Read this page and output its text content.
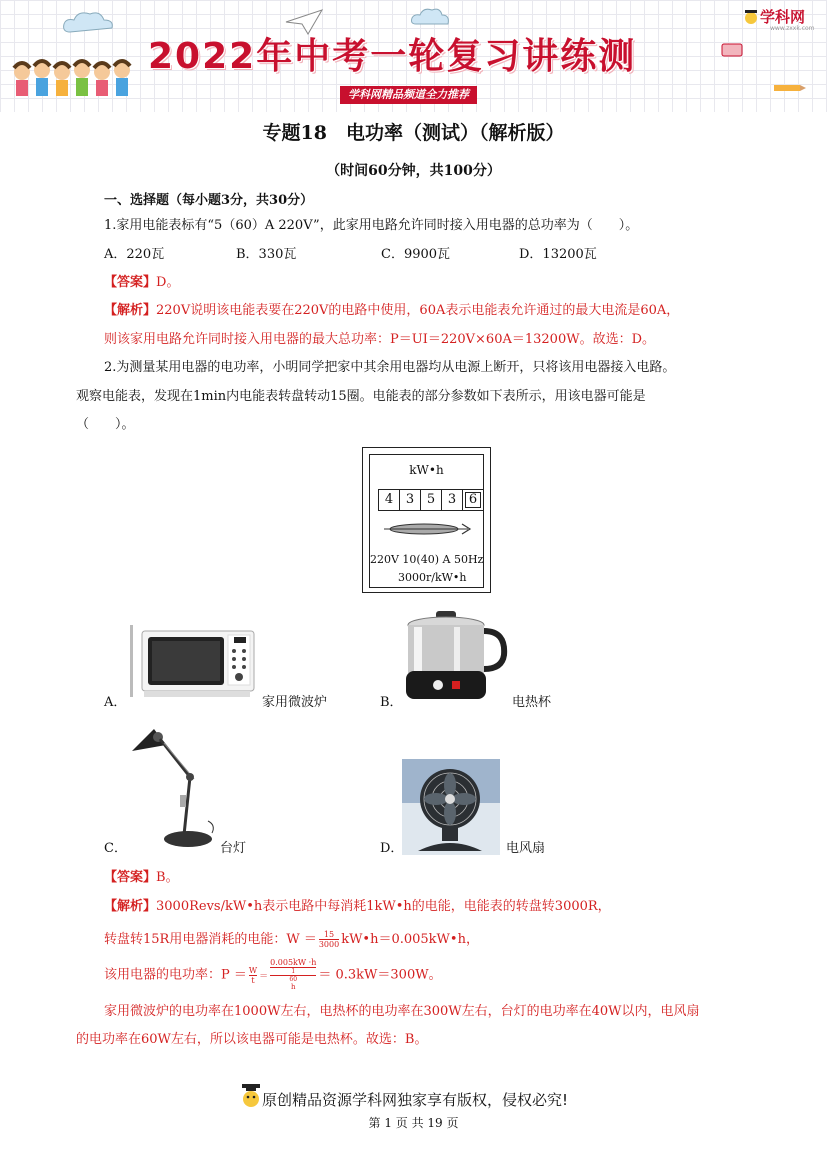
2022年中考一轮复习讲练测
学科网精品频道全力推荐
学科网
www.zxxk.com
专题18　电功率（测试）（解析版）
（时间60分钟，共100分）
一、选择题（每小题3分，共30分）
1.家用电能表标有“5（60）A 220V”，此家用电路允许同时接入用电器的总功率为（　　）。
A．220瓦	B．330瓦	C．9900瓦	D．13200瓦
【答案】D。
【解析】220V说明该电能表要在220V的电路中使用，60A表示电能表允许通过的最大电流是60A，
则该家用电路允许同时接入用电器的最大总功率：P＝UI＝220V×60A＝13200W。故选：D。
2.为测量某用电器的电功率，小明同学把家中其余用电器均从电源上断开，只将该用电器接入电路。
观察电能表，发现在1min内电能表转盘转动15圈。电能表的部分参数如下表所示，用该电器可能是
（　　）。
kW•h
4 3 5 3 6
220V 10(40) A 50Hz
3000r/kW•h
A．	家用微波炉	B．	电热杯
C．	台灯	D．	电风扇
【答案】B。
【解析】3000Revs/kW•h表示电路中每消耗1kW•h的电能，电能表的转盘转3000R，
转盘转15R用电器消耗的电能：$W = \frac{15}{3000}$ kW•h＝0.005kW•h，
该用电器的电功率：$P = \frac{W}{t} = 0.005kW \cdot h$
1
60
h ＝ 0.3kW＝300W。
家用微波炉的电功率在1000W左右，电热杯的电功率在300W左右，台灯的电功率在40W以内，电风扇
的电功率在60W左右，所以该电器可能是电热杯。故选：B。
原创精品资源学科网独家享有版权，侵权必究!
第 1 页 共 19 页
